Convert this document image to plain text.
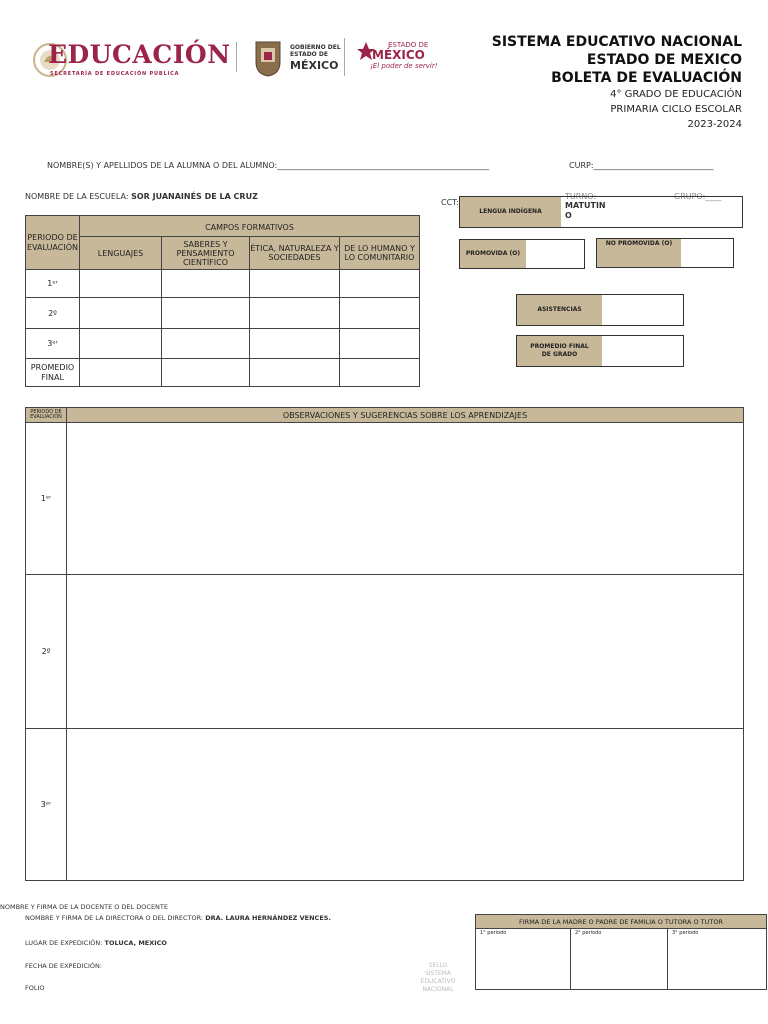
EDUCACIÓN
SECRETARÍA DE EDUCACIÓN PÚBLICA
GOBIERNO DEL
ESTADO DE
MÉXICO
ESTADO DE
MÉXICO
¡El poder de servir!
SISTEMA EDUCATIVO NACIONAL
ESTADO DE MEXICO
BOLETA DE EVALUACIÓN
4° GRADO DE EDUCACIÓN
PRIMARIA CICLO ESCOLAR
2023-2024
NOMBRE(S) Y APELLIDOS DE LA ALUMNA O DEL ALUMNO:_____________________________________________________	CURP:______________________________
NOMBRE DE LA ESCUELA: SOR JUANAINÉS DE LA CRUZ
CCT:
TURNO:
MATUTIN
O
GRUPO:____
LENGUA INDÍGENA
PROMOVIDA (O)
NO PROMOVIDA (O)
ASISTENCIAS
PROMEDIO FINAL DE GRADO
PERIODO DE EVALUACIÓN	CAMPOS FORMATIVOS			
	LENGUAJES	SABERES Y PENSAMIENTO CIENTÍFICO	ÉTICA, NATURALEZA Y SOCIEDADES	DE LO HUMANO Y LO COMUNITARIO
1ᵉʳ				
2º				
3ᵉʳ				
PROMEDIO FINAL				
PERIODO DE EVALUACIÓN	OBSERVACIONES Y SUGERENCIAS SOBRE LOS APRENDIZAJES
1ᵉʳ	
2º	
3ᵉʳ	
NOMBRE Y FIRMA DE LA DOCENTE O DEL DOCENTE
NOMBRE Y FIRMA DE LA DIRECTORA O DEL DIRECTOR: DRA. LAURA HERNÁNDEZ VENCES.
LUGAR DE EXPEDICIÓN: TOLUCA, MEXICO
FECHA DE EXPEDICIÓN:
FOLIO
SELLO
SISTEMA
EDUCATIVO
NACIONAL
FIRMA DE LA MADRE O PADRE DE FAMILIA O TUTORA O TUTOR
1° periodo	2° periodo	3° periodo
